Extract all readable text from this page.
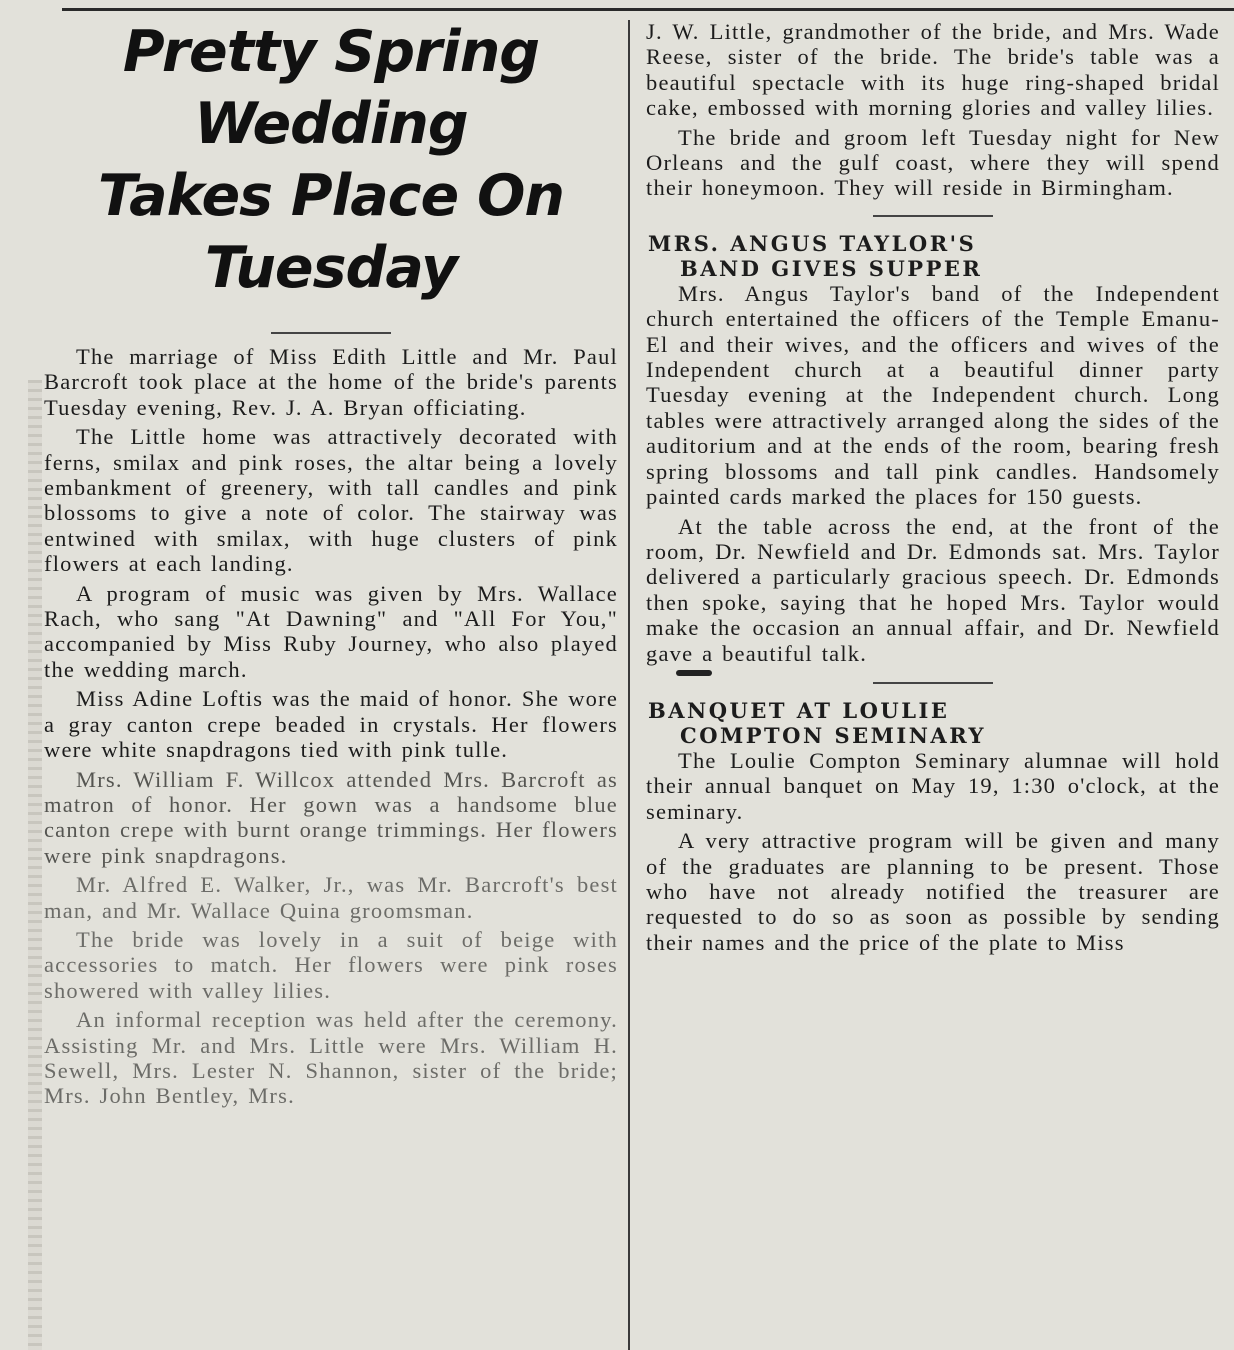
Pretty Spring Wedding
Takes Place On
Tuesday

The marriage of Miss Edith Little and Mr. Paul Barcroft took place at the home of the bride's parents Tuesday evening, Rev. J. A. Bryan officiating.

The Little home was attractively decorated with ferns, smilax and pink roses, the altar being a lovely embankment of greenery, with tall candles and pink blossoms to give a note of color. The stairway was entwined with smilax, with huge clusters of pink flowers at each landing.

A program of music was given by Mrs. Wallace Rach, who sang "At Dawning" and "All For You," accompanied by Miss Ruby Journey, who also played the wedding march.

Miss Adine Loftis was the maid of honor. She wore a gray canton crepe beaded in crystals. Her flowers were white snapdragons tied with pink tulle.

Mrs. William F. Willcox attended Mrs. Barcroft as matron of honor. Her gown was a handsome blue canton crepe with burnt orange trimmings. Her flowers were pink snapdragons.

Mr. Alfred E. Walker, Jr., was Mr. Barcroft's best man, and Mr. Wallace Quina groomsman.

The bride was lovely in a suit of beige with accessories to match. Her flowers were pink roses showered with valley lilies.

An informal reception was held after the ceremony. Assisting Mr. and Mrs. Little were Mrs. William H. Sewell, Mrs. Lester N. Shannon, sister of the bride; Mrs. John Bentley, Mrs.

J. W. Little, grandmother of the bride, and Mrs. Wade Reese, sister of the bride. The bride's table was a beautiful spectacle with its huge ring-shaped bridal cake, embossed with morning glories and valley lilies.

The bride and groom left Tuesday night for New Orleans and the gulf coast, where they will spend their honeymoon. They will reside in Birmingham.

MRS. ANGUS TAYLOR'S
BAND GIVES SUPPER

Mrs. Angus Taylor's band of the Independent church entertained the officers of the Temple Emanu-El and their wives, and the officers and wives of the Independent church at a beautiful dinner party Tuesday evening at the Independent church. Long tables were attractively arranged along the sides of the auditorium and at the ends of the room, bearing fresh spring blossoms and tall pink candles. Handsomely painted cards marked the places for 150 guests.

At the table across the end, at the front of the room, Dr. Newfield and Dr. Edmonds sat. Mrs. Taylor delivered a particularly gracious speech. Dr. Edmonds then spoke, saying that he hoped Mrs. Taylor would make the occasion an annual affair, and Dr. Newfield gave a beautiful talk.

BANQUET AT LOULIE
COMPTON SEMINARY

The Loulie Compton Seminary alumnae will hold their annual banquet on May 19, 1:30 o'clock, at the seminary.

A very attractive program will be given and many of the graduates are planning to be present. Those who have not already notified the treasurer are requested to do so as soon as possible by sending their names and the price of the plate to Miss
